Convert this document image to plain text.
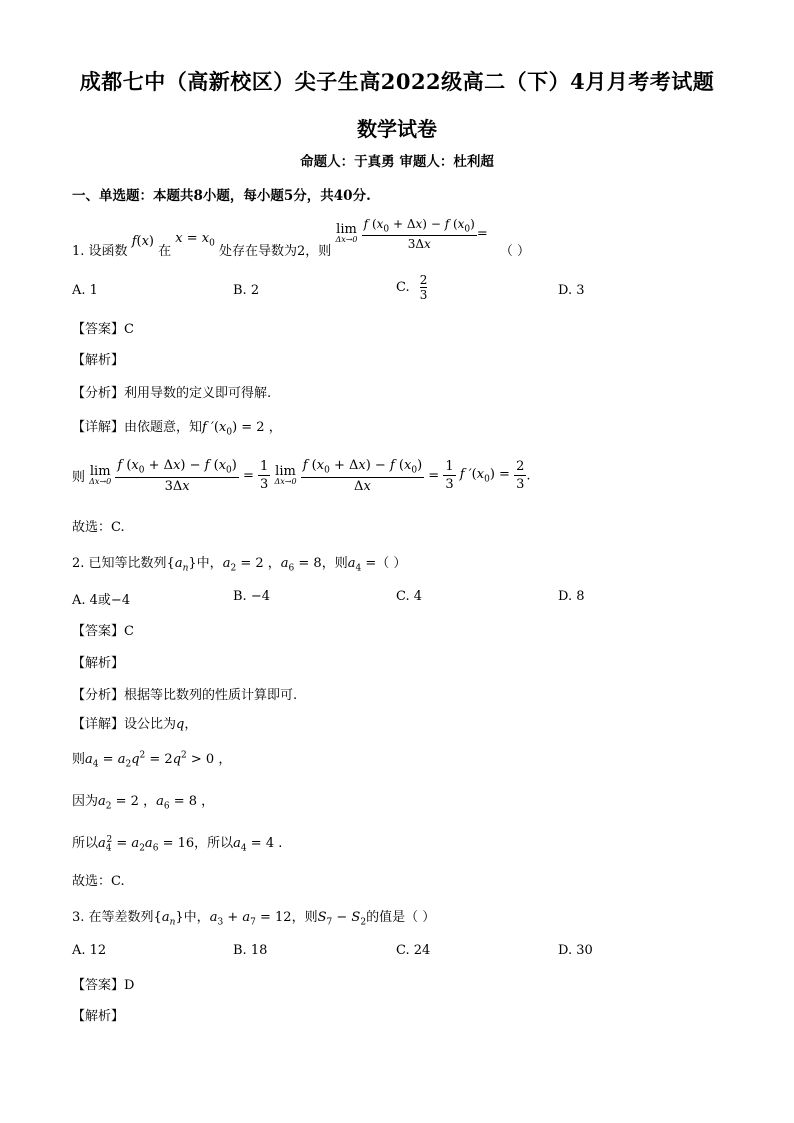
成都七中（高新校区）尖子生高2022级高二（下）4月月考考试题
数学试卷
命题人：于真勇 审题人：杜利超
一、单选题：本题共8小题，每小题5分，共40分.
1. 设函数 f(x) 在 $x = x_0$ 处存在导数为2，则 lim
Δx→0
$\frac{f (x_0 + \Delta x) - f (x_0)}{3\Delta x}$ = （ ）
A. 1	B. 2	C. $\frac{2}{3}$	D. 3
【答案】C
【解析】
【分析】利用导数的定义即可得解.
【详解】由依题意，知f $'(x_0) = 2$ ，
则 lim
Δx→0
$\frac{f (x_0 + \Delta x) - f (x_0)}{3\Delta x} = \frac{1}{3}$ lim
Δx→0
$\frac{f (x_0 + \Delta x) - f (x_0)}{\Delta x} = \frac{1}{3}$ f $'(x_0) = \frac{2}{3}$ .
故选：C.
2. 已知等比数列$\{a_n\}$中，$a_2 = 2$ ，$a_6 = 8$，则$a_4$ =（ ）
A. 4或−4	B. −4	C. 4	D. 8
【答案】C
【解析】
【分析】根据等比数列的性质计算即可.
【详解】设公比为q，
则$a_4 = a_2q^2 = 2q^2 > 0$ ，
因为$a_2 = 2$ ，$a_6 = 8$ ，
所以$a_4^2 = a_2a_6 = 16$，所以$a_4 = 4$ .
故选：C.
3. 在等差数列$\{a_n\}$中，$a_3 + a_7 = 12$，则$S_7 - S_2$的值是（ ）
A. 12	B. 18	C. 24	D. 30
【答案】D
【解析】
